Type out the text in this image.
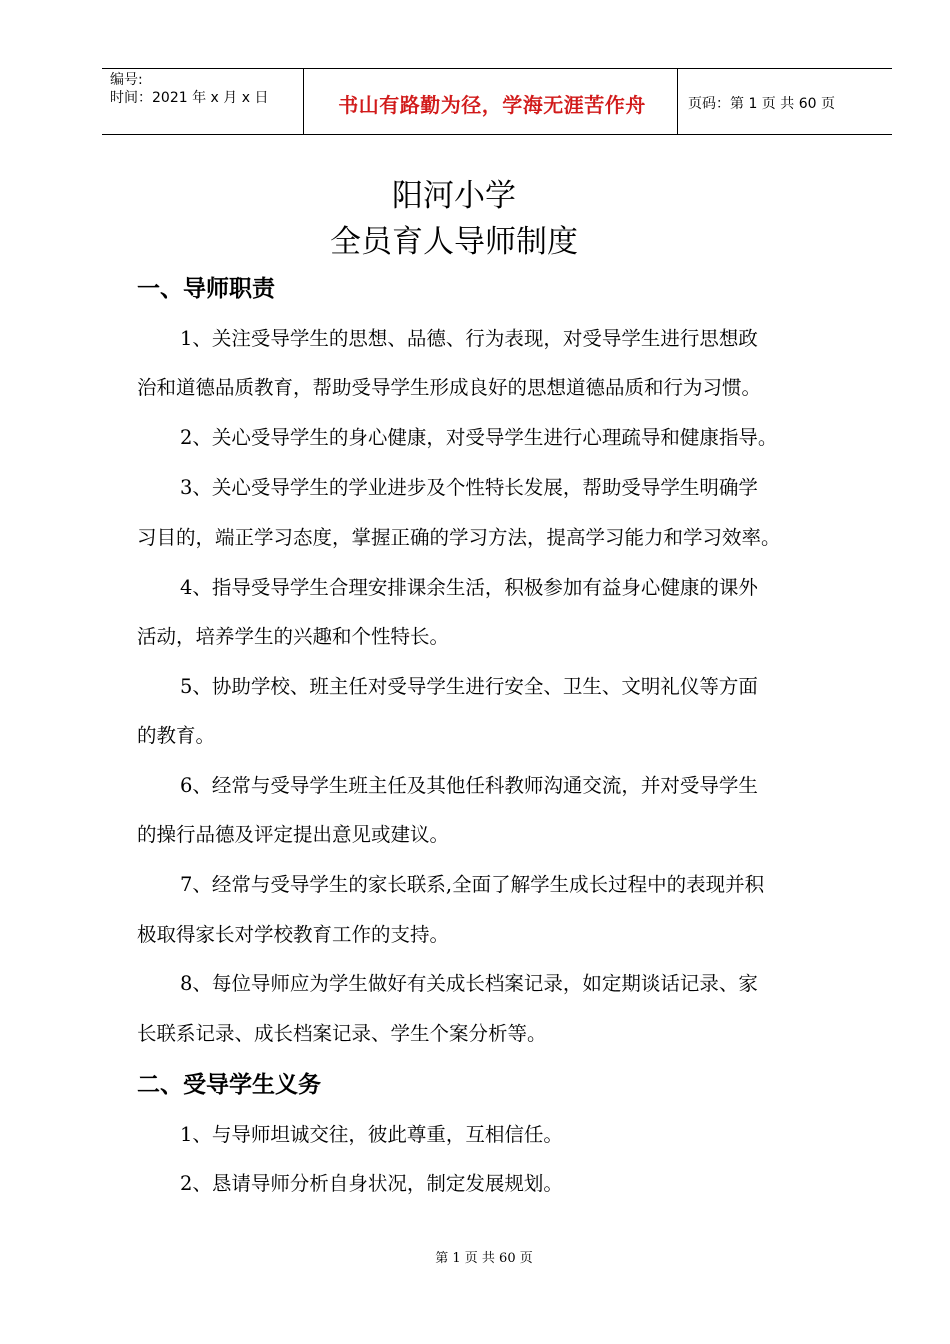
编号:
时间：2021 年 x 月 x 日	书山有路勤为径，学海无涯苦作舟	页码：第 1 页 共 60 页
阳河小学
全员育人导师制度
一、导师职责
1、关注受导学生的思想、品德、行为表现，对受导学生进行思想政
治和道德品质教育，帮助受导学生形成良好的思想道德品质和行为习惯。
2、关心受导学生的身心健康，对受导学生进行心理疏导和健康指导。
3、关心受导学生的学业进步及个性特长发展，帮助受导学生明确学
习目的，端正学习态度，掌握正确的学习方法，提高学习能力和学习效率。
4、指导受导学生合理安排课余生活，积极参加有益身心健康的课外
活动，培养学生的兴趣和个性特长。
5、协助学校、班主任对受导学生进行安全、卫生、文明礼仪等方面
的教育。
6、经常与受导学生班主任及其他任科教师沟通交流，并对受导学生
的操行品德及评定提出意见或建议。
7、经常与受导学生的家长联系,全面了解学生成长过程中的表现并积
极取得家长对学校教育工作的支持。
8、每位导师应为学生做好有关成长档案记录，如定期谈话记录、家
长联系记录、成长档案记录、学生个案分析等。
二、受导学生义务
1、与导师坦诚交往，彼此尊重，互相信任。
2、恳请导师分析自身状况，制定发展规划。
第 1 页 共 60 页
